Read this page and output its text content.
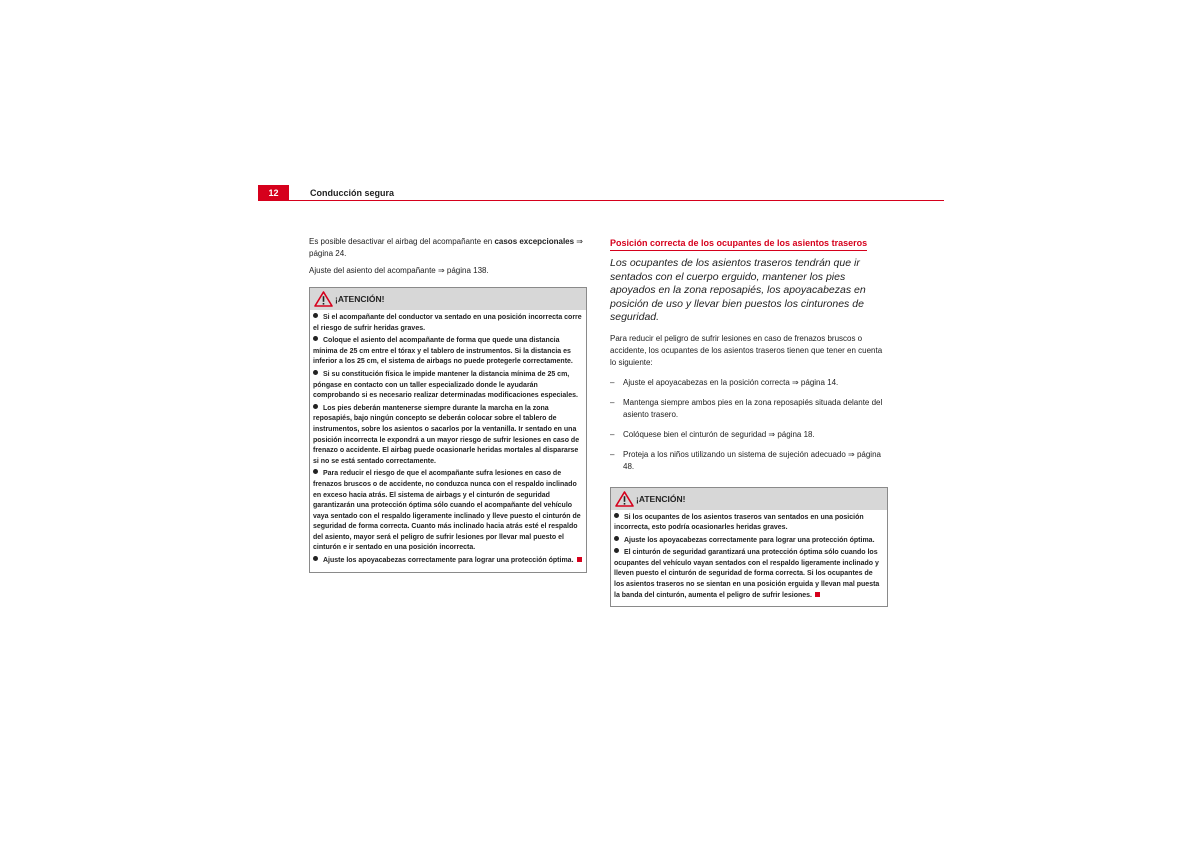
12	Conducción segura

Es posible desactivar el airbag del acompañante en casos excepcionales ⇒ página 24.

Ajuste del asiento del acompañante ⇒ página 138.

¡ATENCIÓN!
Si el acompañante del conductor va sentado en una posición incorrecta corre el riesgo de sufrir heridas graves.
Coloque el asiento del acompañante de forma que quede una distancia mínima de 25 cm entre el tórax y el tablero de instrumentos. Si la distancia es inferior a los 25 cm, el sistema de airbags no puede protegerle correctamente.
Si su constitución física le impide mantener la distancia mínima de 25 cm, póngase en contacto con un taller especializado donde le ayudarán comprobando si es necesario realizar determinadas modificaciones especiales.
Los pies deberán mantenerse siempre durante la marcha en la zona reposapiés, bajo ningún concepto se deberán colocar sobre el tablero de instrumentos, sobre los asientos o sacarlos por la ventanilla. Ir sentado en una posición incorrecta le expondrá a un mayor riesgo de sufrir lesiones en caso de frenazo o accidente. El airbag puede ocasionarle heridas mortales al dispararse si no se está sentado correctamente.
Para reducir el riesgo de que el acompañante sufra lesiones en caso de frenazos bruscos o de accidente, no conduzca nunca con el respaldo inclinado en exceso hacia atrás. El sistema de airbags y el cinturón de seguridad garantizarán una protección óptima sólo cuando el acompañante del vehículo vaya sentado con el respaldo ligeramente inclinado y lleve puesto el cinturón de seguridad de forma correcta. Cuanto más inclinado hacia atrás esté el respaldo del asiento, mayor será el peligro de sufrir lesiones por llevar mal puesto el cinturón e ir sentado en una posición incorrecta.
Ajuste los apoyacabezas correctamente para lograr una protección óptima.
Posición correcta de los ocupantes de los asientos traseros

Los ocupantes de los asientos traseros tendrán que ir sentados con el cuerpo erguido, mantener los pies apoyados en la zona reposapiés, los apoyacabezas en posición de uso y llevar bien puestos los cinturones de seguridad.

Para reducir el peligro de sufrir lesiones en caso de frenazos bruscos o accidente, los ocupantes de los asientos traseros tienen que tener en cuenta lo siguiente:

– Ajuste el apoyacabezas en la posición correcta ⇒ página 14.
– Mantenga siempre ambos pies en la zona reposapiés situada delante del asiento trasero.
– Colóquese bien el cinturón de seguridad ⇒ página 18.
– Proteja a los niños utilizando un sistema de sujeción adecuado ⇒ página 48.
¡ATENCIÓN!
Si los ocupantes de los asientos traseros van sentados en una posición incorrecta, esto podría ocasionarles heridas graves.
Ajuste los apoyacabezas correctamente para lograr una protección óptima.
El cinturón de seguridad garantizará una protección óptima sólo cuando los ocupantes del vehículo vayan sentados con el respaldo ligeramente inclinado y lleven puesto el cinturón de seguridad de forma correcta. Si los ocupantes de los asientos traseros no se sientan en una posición erguida y llevan mal puesta la banda del cinturón, aumenta el peligro de sufrir lesiones.
